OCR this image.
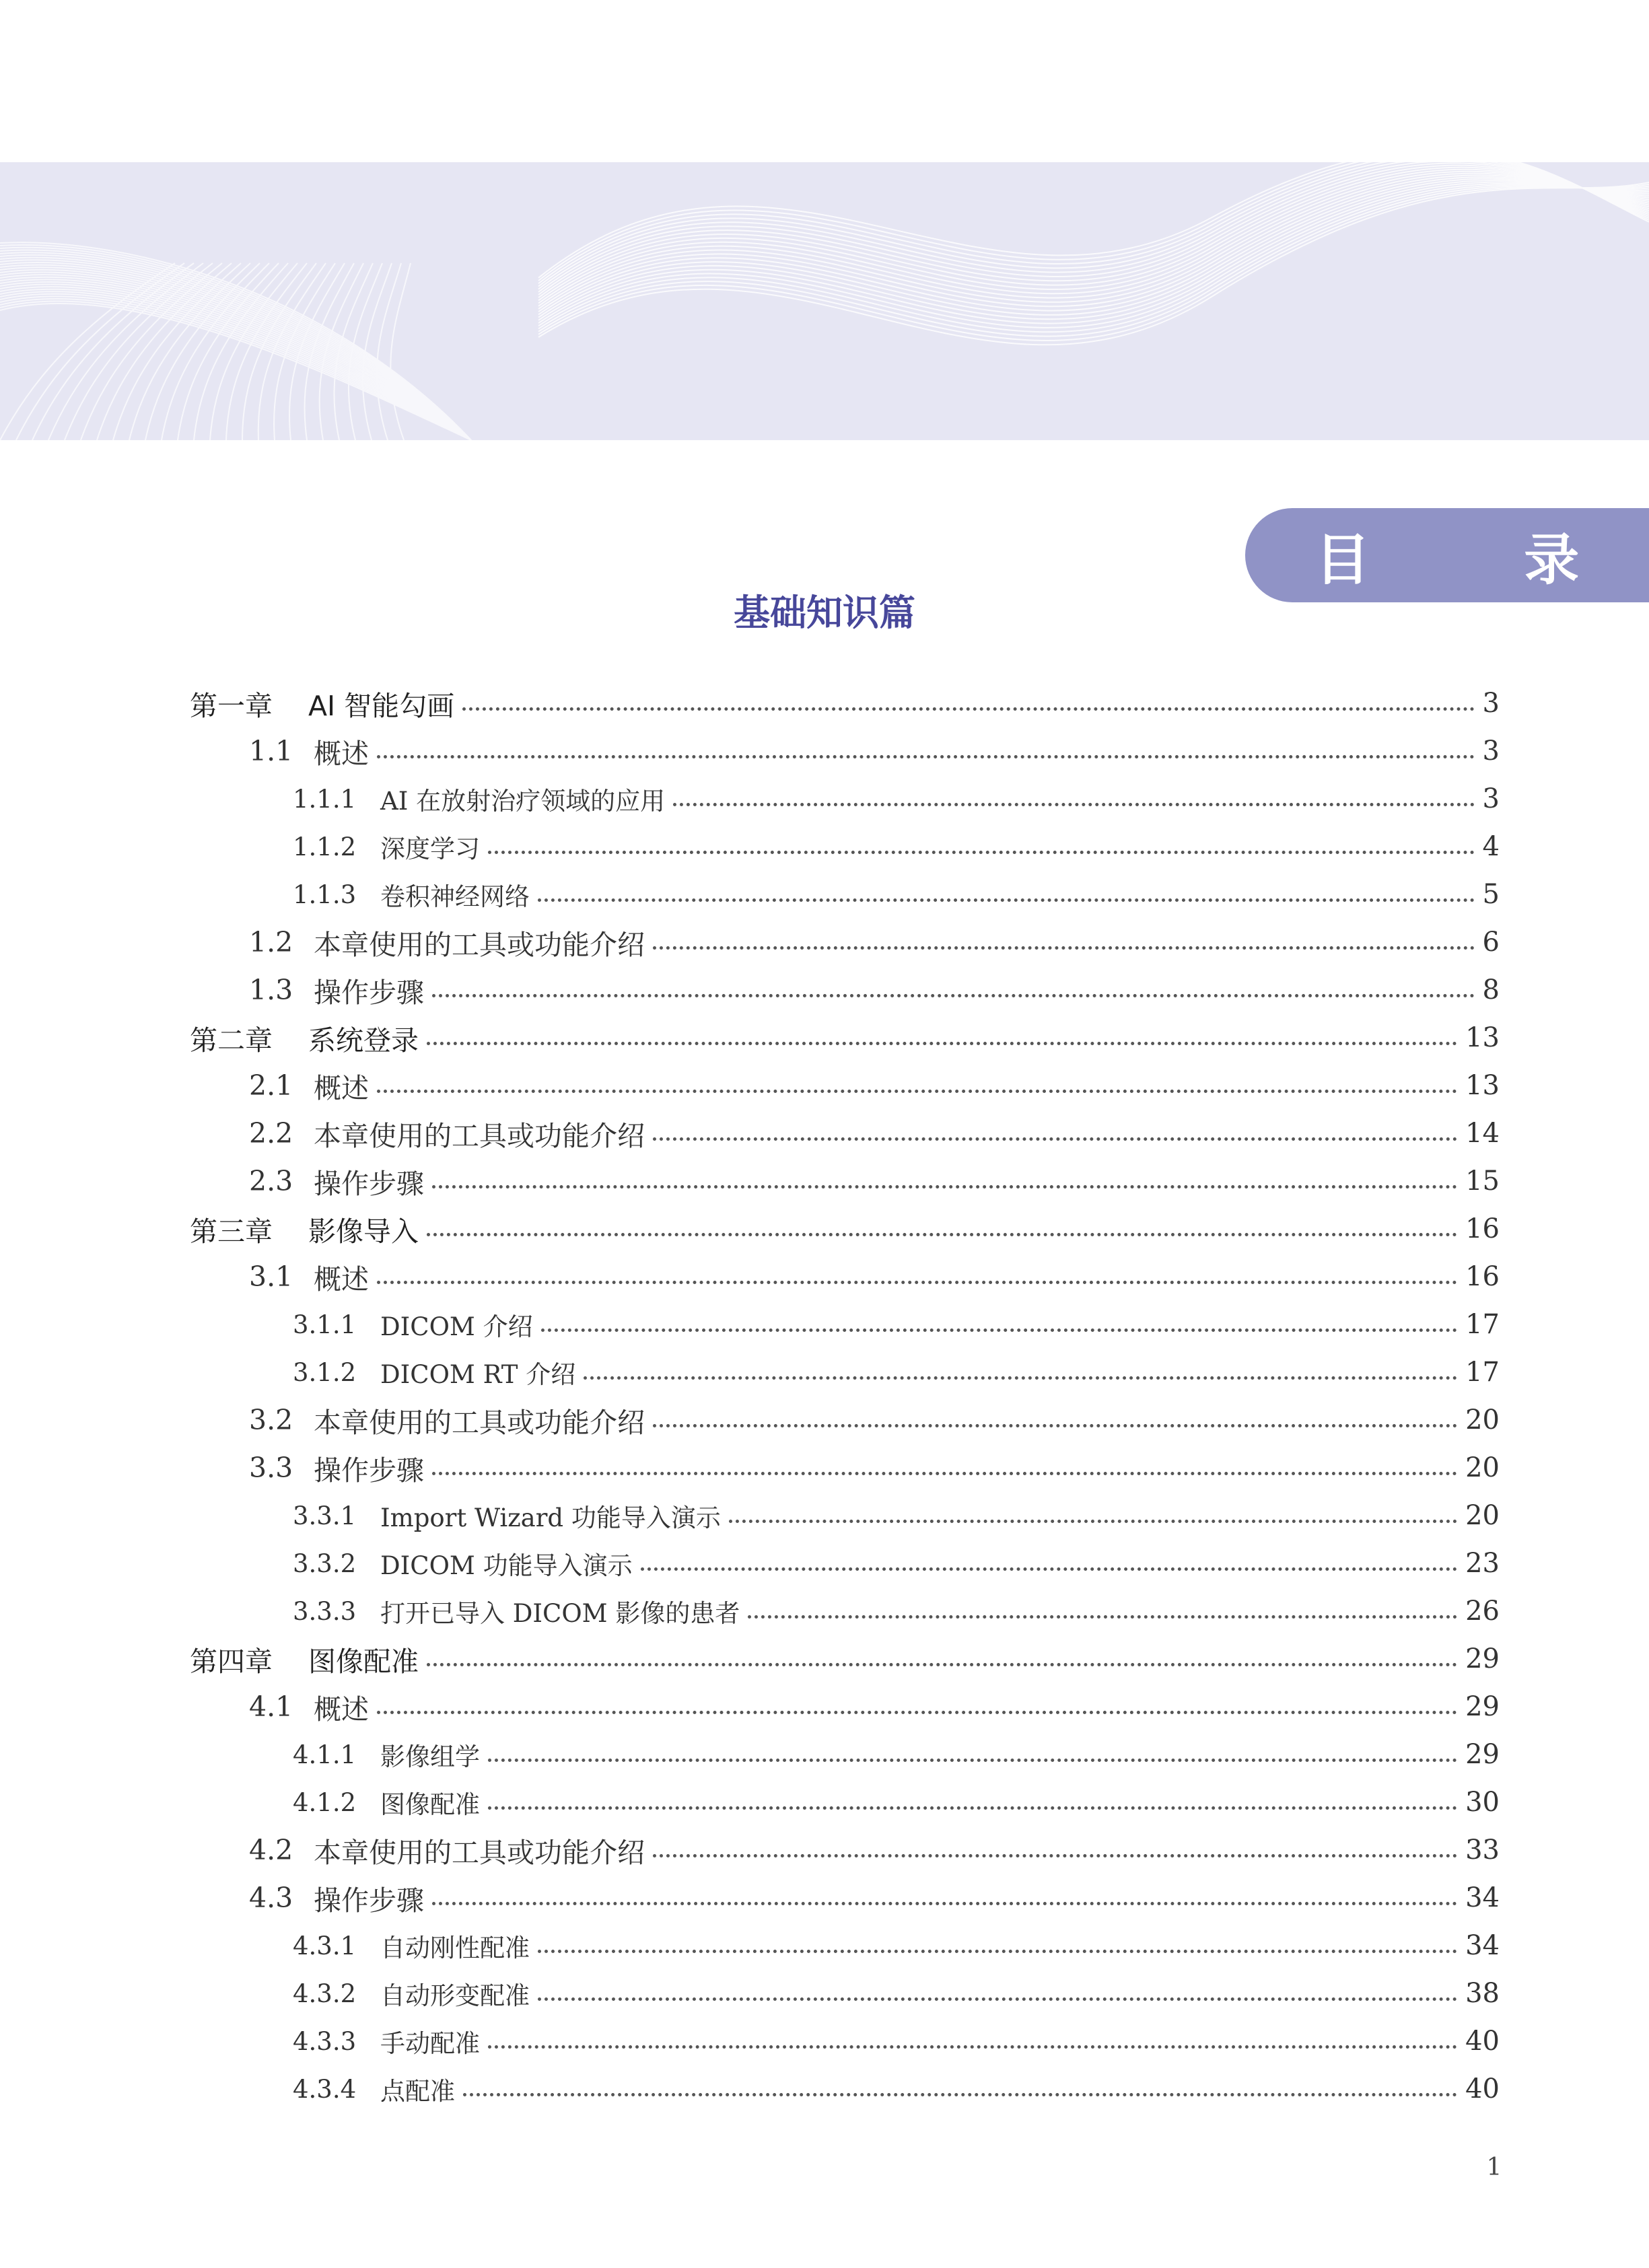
目 录
基础知识篇
第一章	AI 智能勾画	3
1.1 概述	3
1.1.1 AI 在放射治疗领域的应用	3
1.1.2 深度学习	4
1.1.3 卷积神经网络	5
1.2 本章使用的工具或功能介绍	6
1.3 操作步骤	8
第二章	系统登录	13
2.1 概述	13
2.2 本章使用的工具或功能介绍	14
2.3 操作步骤	15
第三章	影像导入	16
3.1 概述	16
3.1.1 DICOM 介绍	17
3.1.2 DICOM RT 介绍	17
3.2 本章使用的工具或功能介绍	20
3.3 操作步骤	20
3.3.1 Import Wizard 功能导入演示	20
3.3.2 DICOM 功能导入演示	23
3.3.3 打开已导入 DICOM 影像的患者	26
第四章	图像配准	29
4.1 概述	29
4.1.1 影像组学	29
4.1.2 图像配准	30
4.2 本章使用的工具或功能介绍	33
4.3 操作步骤	34
4.3.1 自动刚性配准	34
4.3.2 自动形变配准	38
4.3.3 手动配准	40
4.3.4 点配准	40
1
